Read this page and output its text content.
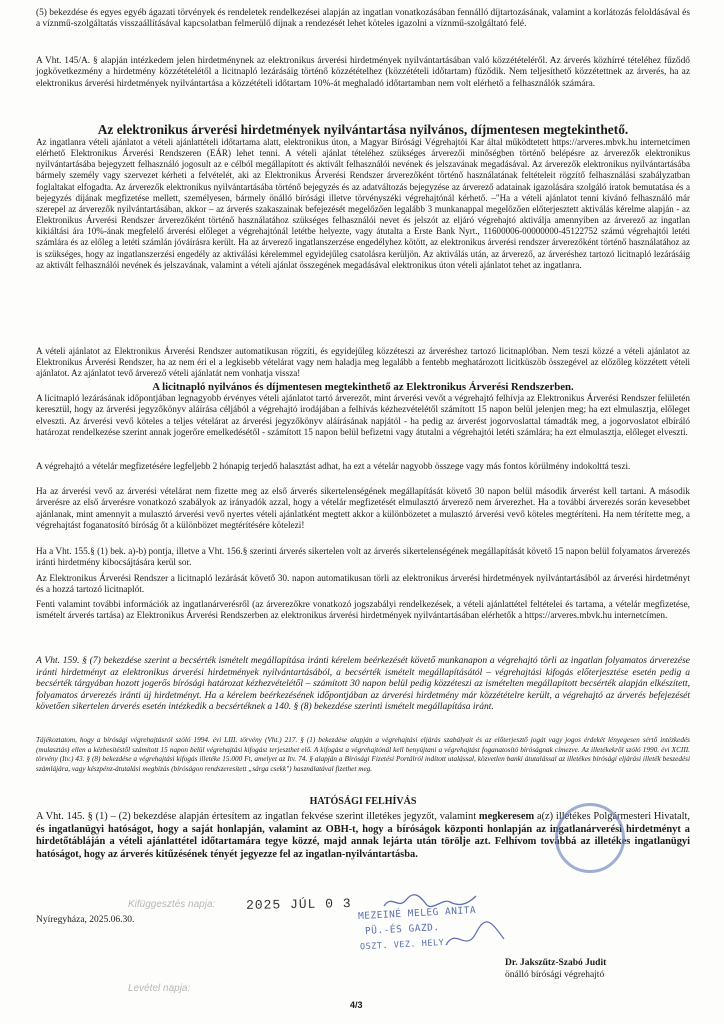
(5) bekezdése és egyes egyéb ágazati törvények és rendeletek rendelkezései alapján az ingatlan vonatkozásában fennálló díjtartozásának, valamint a korlátozás feloldásával és a víznmű-szolgáltatás visszaállításával kapcsolatban felmerülő díjnak a rendezését lehet köteles igazolni a víznmű-szolgáltató felé.

A Vht. 145/A. § alapján intézkedem jelen hirdetménynek az elektronikus árverési hirdetmények nyilvántartásában való közzétételéről. Az árverés közhírré tételéhez fűződő jogkövetkezmény a hirdetmény közzétételétől a licitnapló lezárásáig történő közzétételhez (közzétételi időtartam) fűződik. Nem teljesíthető közzétettnek az árverés, ha az elektronikus árverési hirdetmények nyilvántartása a közzétételi időtartam 10%-át meghaladó időtartamban nem volt elérhető a felhasználók számára.

Az elektronikus árverési hirdetmények nyilvántartása nyilvános, díjmentesen megtekinthető.

Az ingatlanra vételi ajánlatot a vételi ajánlattételi időtartama alatt, elektronikus úton, a Magyar Bírósági Végrehajtói Kar által működtetett https://arveres.mbvk.hu internetcímen elérhető Elektronikus Árverési Rendszeren (EÁR) lehet tenni. A vételi ajánlat tételéhez szükséges árverezői minőségben történő belépésre az árverezők elektronikus nyilvántartásába bejegyzett felhasználó jogosult az e célból megállapított és aktivált felhasználói nevének és jelszavának megadásával. Az árverezők elektronikus nyilvántartásába bármely személy vagy szervezet kérheti a felvételét, aki az Elektronikus Árverési Rendszer árverezőként történő használatának feltételeit rögzítő felhasználási szabályzatban foglaltakat elfogadta. Az árverezők elektronikus nyilvántartásába történő bejegyzés és az adatváltozás bejegyzése az árverező adatainak igazolására szolgáló iratok bemutatása és a bejegyzés díjának megfizetése mellett, személyesen, bármely önálló bírósági illetve törvényszéki végrehajtónál kérhető. –"Ha a vételi ajánlatot tenni kívánó felhasználó már szerepel az árverezők nyilvántartásában, akkor – az árverés szakaszainak befejezését megelőzően legalább 3 munkanappal megelőzően előterjesztett aktiválás kérelme alapján - az Elektronikus Árverési Rendszer árverezőként történő használatához szükséges felhasználói nevet és jelszót az eljáró végrehajtó aktiválja amennyiben az árverező az ingatlan kikiáltási ára 10%-ának megfelelő árverési előleget a végrehajtónál letétbe helyezte, vagy átutalta a Erste Bank Nyrt., 11600006-00000000-45122752 számú végrehajtói letéti számlára és az előleg a letéti számlán jóváírásra került. Ha az árverező ingatlanszerzése engedélyhez kötött, az elektronikus árverési rendszer árverezőként történő használatához az is szükséges, hogy az ingatlanszerzési engedély az aktiválási kérelemmel egyidejűleg csatolásra kerüljön. Az aktiválás után, az árverező, az árveréshez tartozó licitnapló lezárásáig az aktivált felhasználói nevének és jelszavának, valamint a vételi ajánlat összegének megadásával elektronikus úton vételi ajánlatot tehet az ingatlanra.

A vételi ajánlatot az Elektronikus Árverési Rendszer automatikusan rögzíti, és egyidejűleg közzéteszi az árveréshez tartozó licitnaplóban. Nem teszi közzé a vételi ajánlatot az Elektronikus Árverési Rendszer, ha az nem éri el a legkisebb vételárat vagy nem haladja meg legalább a fentebb meghatározott licitküszöb összegével az előzőleg közzétett vételi ajánlatot. Az ajánlatot tevő árverező vételi ajánlatát nem vonhatja vissza!

A licitnapló nyilvános és díjmentesen megtekinthető az Elektronikus Árverési Rendszerben.

A licitnapló lezárásának időpontjában legnagyobb érvényes vételi ajánlatot tartó árverezőt, mint árverési vevőt a végrehajtó felhívja az Elektronikus Árverési Rendszer felületén keresztül, hogy az árverési jegyzőkönyv aláírása céljából a végrehajtó irodájában a felhívás kézhezvételétől számított 15 napon belül jelenjen meg; ha ezt elmulasztja, előleget elveszti. Az árverési vevő köteles a teljes vételárat az árverési jegyzőkönyv aláírásának napjától - ha pedig az árverést jogorvoslattal támadták meg, a jogorvoslatot elbíráló határozat rendelkezése szerint annak jogerőre emelkedésétől - számított 15 napon belül befizetni vagy átutalni a végrehajtói letéti számlára; ha ezt elmulasztja, előleget elveszti.

A végrehajtó a vételár megfizetésére legfeljebb 2 hónapig terjedő halasztást adhat, ha ezt a vételár nagyobb összege vagy más fontos körülmény indokolttá teszi.

Ha az árverési vevő az árverési vételárat nem fizette meg az első árverés sikertelenségének megállapítását követő 30 napon belül második árverést kell tartani. A második árverésre az első árverésre vonatkozó szabályok az irányadók azzal, hogy a vételár megfizetését elmulasztó árverező nem árverezhet. Ha a további árverezés során kevesebbet ajánlanak, mint amennyit a mulasztó árverési vevő nyertes vételi ajánlatként megtett akkor a különbözetet a mulasztó árverési vevő köteles megtéríteni. Ha nem térítette meg, a végrehajtást foganatosító bíróság őt a különbözet megtérítésére kötelezi!

Ha a Vht. 155.§ (1) bek. a)-b) pontja, illetve a Vht. 156.§ szerinti árverés sikertelen volt az árverés sikertelenségének megállapítását követő 15 napon belül folyamatos árverezés iránti hirdetmény kibocsájtására kerül sor.

Az Elektronikus Árverési Rendszer a licitnapló lezárását követő 30. napon automatikusan törli az elektronikus árverési hirdetmények nyilvántartásából az árverési hirdetményt és a hozzá tartozó licitnaplót.

Fenti valamint további információk az ingatlanárverésről (az árverezőkre vonatkozó jogszabályi rendelkezések, a vételi ajánlattétel feltételei és tartama, a vételár megfizetése, ismételt árverés tartása) az Elektronikus Árverési Rendszerben az elektronikus árverési hirdetmények nyilvántartásában elérhetők a https://arveres.mbvk.hu internetcímen.

A Vht. 159. § (7) bekezdése szerint a becsérték ismételt megállapítása iránti kérelem beérkezését követő munkanapon a végrehajtó törli az ingatlan folyamatos árverezése iránti hirdetményt az elektronikus árverési hirdetmények nyilvántartásából, a becsérték ismételt megállapításától – végrehajtási kifogás előterjesztése esetén pedig a becsérték tárgyában hozott jogerős bírósági határozat kézhezvételétől – számított 30 napon belül pedig közzéteszi az ismételten megállapított becsérték alapján elkészített, folyamatos árverezés iránti új hirdetményt. Ha a kérelem beérkezésének időpontjában az árverési hirdetmény már közzétételre került, a végrehajtó az árverés befejezését követően sikertelen árverés esetén intézkedik a becsértéknek a 140. § (8) bekezdése szerinti ismételt megállapítása iránt.

Tájékoztatom, hogy a bírósági végrehajtásról szóló 1994. évi LIII. törvény (Vht.) 217. § (1) bekezdése alapján a végrehajtási eljárás szabályait és az előterjesztő jogát vagy jogos érdekét lényegesen sértő intézkedés (mulasztás) ellen a kézbesítéstől számított 15 napon belül végrehajtási kifogást terjeszthet elő. A kifogást a végrehajtónál kell benyújtani a végrehajtást foganatosító bíróságnak címezve. Az illetékekről szóló 1990. évi XCIII. törvény (Itv.) 43. § (8) bekezdése a végrehajtási kifogás illetéke 15.000 Ft, amelyet az Itv. 74. § alapján a Bírósági Fizetési Portálról indított utalással, közvetlen banki átutalással az illetékes bírósági eljárási illeték beszedési számlájára, vagy készpénz-átutalási megbízás (bíróságon rendszeresített „sárga csekk") használatával fizethet meg.

HATÓSÁGI FELHÍVÁS

A Vht. 145. § (1) – (2) bekezdése alapján értesítem az ingatlan fekvése szerint illetékes jegyzőt, valamint megkeresem a(z) illetékes Polgármesteri Hivatalt, és ingatlanügyi hatóságot, hogy a saját honlapján, valamint az OBH-t, hogy a bíróságok központi honlapján az ingatlanárverési hirdetményt a hirdetőtábláján a vételi ajánlattétel időtartamára tegye közzé, majd annak lejárta után törölje azt. Felhívom továbbá az illetékes ingatlanügyi hatóságot, hogy az árverés kitűzésének tényét jegyezze fel az ingatlan-nyilvántartásba.

Kifüggesztés napja: 2025 JÚL 0 3

Nyíregyháza, 2025.06.30.	MEZEINÉ MELEG ANITA

PÜ.-ÉS GAZD.

OSZT. VEZ. HELY.

Levétel napja:

Dr. Jakszűtz-Szabó Judit

önálló bírósági végrehajtó

4/3
